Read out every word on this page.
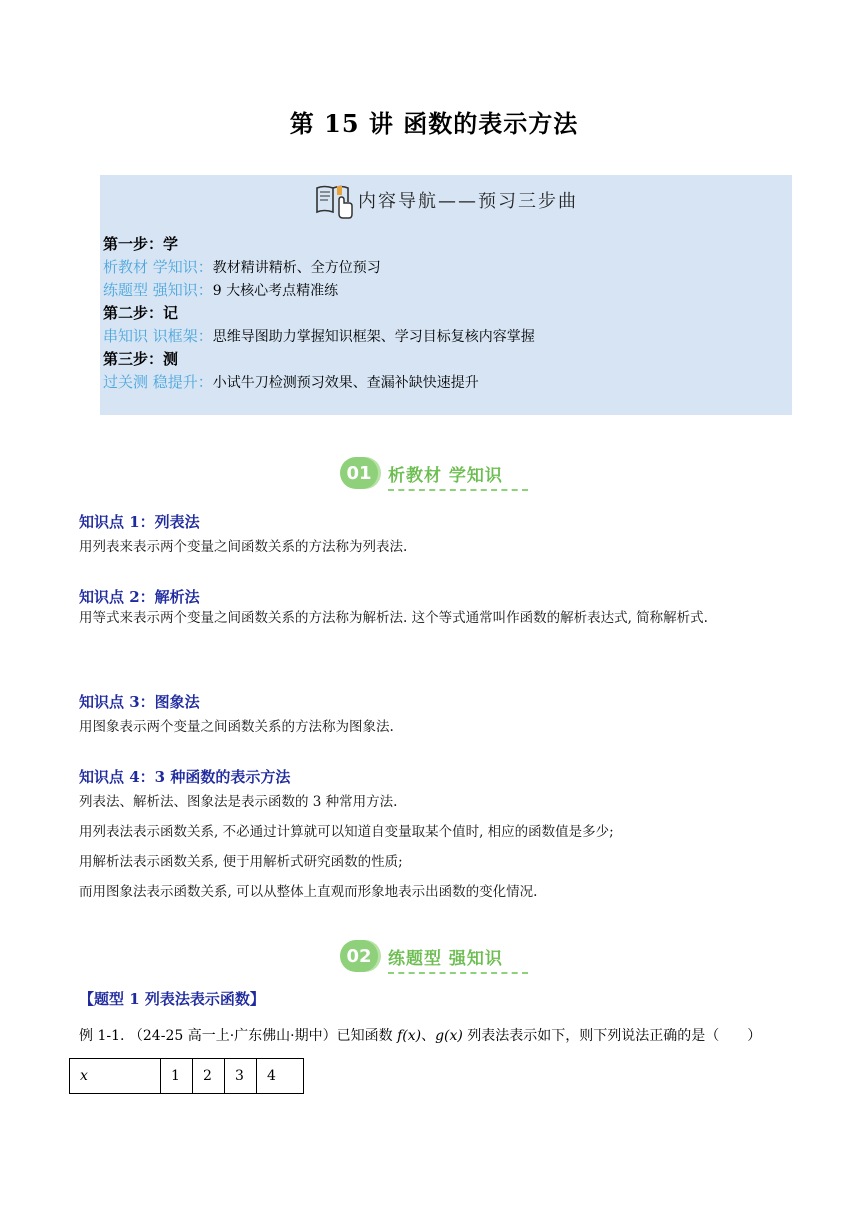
第 15 讲 函数的表示方法
内容导航——预习三步曲
第一步：学
析教材 学知识：教材精讲精析、全方位预习
练题型 强知识：9 大核心考点精准练
第二步：记
串知识 识框架：思维导图助力掌握知识框架、学习目标复核内容掌握
第三步：测
过关测 稳提升：小试牛刀检测预习效果、查漏补缺快速提升
01 析教材 学知识
知识点 1：列表法
用列表来表示两个变量之间函数关系的方法称为列表法.
知识点 2：解析法
用等式来表示两个变量之间函数关系的方法称为解析法. 这个等式通常叫作函数的解析表达式, 简称解析式.
知识点 3：图象法
用图象表示两个变量之间函数关系的方法称为图象法.
知识点 4：3 种函数的表示方法
列表法、解析法、图象法是表示函数的 3 种常用方法.
用列表法表示函数关系, 不必通过计算就可以知道自变量取某个值时, 相应的函数值是多少;
用解析法表示函数关系, 便于用解析式研究函数的性质;
而用图象法表示函数关系, 可以从整体上直观而形象地表示出函数的变化情况.
02 练题型 强知识
【题型 1 列表法表示函数】
例 1-1. （24-25 高一上·广东佛山·期中）已知函数 f(x)、g(x) 列表法表示如下，则下列说法正确的是（　　）
x	1	2	3	4
